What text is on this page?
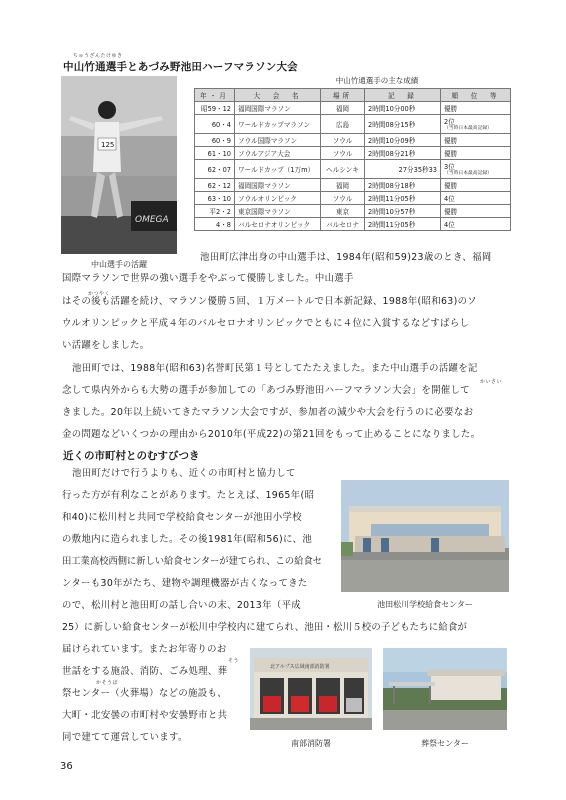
ちゅうざんたけゆき
中山竹通選手とあづみ野池田ハーフマラソン大会
OMEGA
125
中山選手の活躍
中山竹通選手の主な成績
年・月	大　会　名	場所	記　録	順　位　等
昭59・12	福岡国際マラソン	福岡	2時間10分00秒	優勝

60・4	ワールドカップマラソン	広島	2時間08分15秒	2位
（当時日本最高記録）

60・9	ソウル国際マラソン	ソウル	2時間10分09秒	優勝

61・10	ソウルアジア大会	ソウル	2時間08分21秒	優勝

62・07	ワールドカップ（1万m）	ヘルシンキ	27分35秒33	3位
（当時日本最高記録）

62・12	福岡国際マラソン	福岡	2時間08分18秒	優勝

63・10	ソウルオリンピック	ソウル	2時間11分05秒	4位

平2・2	東京国際マラソン	東京	2時間10分57秒	優勝

4・8	バルセロナオリンピック	バルセロナ	2時間11分05秒	4位
かつやく
池田町広津出身の中山選手は、1984年(昭和59)23歳のとき、福岡
国際マラソンで世界の強い選手をやぶって優勝しました。中山選手
はその後も活躍を続け、マラソン優勝５回、１万メートルで日本新記録、1988年(昭和63)のソ
ウルオリンピックと平成４年のバルセロナオリンピックでともに４位に入賞するなどすばらし
い活躍をしました。
かいさい
池田町では、1988年(昭和63)名誉町民第１号としてたたえました。また中山選手の活躍を記
念して県内外からも大勢の選手が参加しての「あづみ野池田ハーフマラソン大会」を開催して
きました。20年以上続いてきたマラソン大会ですが、参加者の減少や大会を行うのに必要なお
金の問題などいくつかの理由から2010年(平成22)の第21回をもって止めることになりました。
近くの市町村とのむすびつき
池田町だけで行うよりも、近くの市町村と協力して
行った方が有利なことがあります。たとえば、1965年(昭
和40)に松川村と共同で学校給食センターが池田小学校
の敷地内に造られました。その後1981年(昭和56)に、池
田工業高校西側に新しい給食センターが建てられ、この給食セ
ンターも30年がたち、建物や調理機器が古くなってきた
ので、松川村と池田町の話し合いの末、2013年（平成
25）に新しい給食センターが松川中学校内に建てられ、池田・松川５校の子どもたちに給食が
そう
かそうば
届けられています。またお年寄りのお
世話をする施設、消防、ごみ処理、葬
祭センター（火葬場）などの施設も、
大町・北安曇の市町村や安曇野市と共
同で建てて運営しています。
池田松川学校給食センター
北アルプス広域南部消防署
南部消防署	葬祭センター
36
